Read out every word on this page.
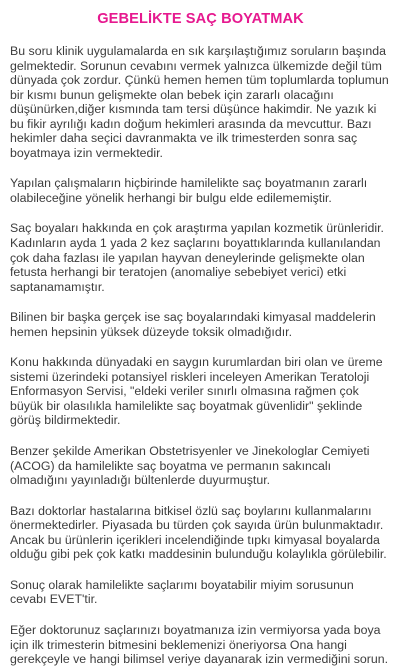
GEBELİKTE SAÇ BOYATMAK

Bu soru klinik uygulamalarda en sık karşılaştığımız soruların başında gelmektedir. Sorunun cevabını vermek yalnızca ülkemizde değil tüm dünyada çok zordur. Çünkü hemen hemen tüm toplumlarda toplumun bir kısmı bunun gelişmekte olan bebek için zararlı olacağını düşünürken,diğer kısmında tam tersi düşünce hakimdir. Ne yazık ki bu fikir ayrılığı kadın doğum hekimleri arasında da mevcuttur. Bazı hekimler daha seçici davranmakta ve ilk trimesterden sonra saç boyatmaya izin vermektedir.

Yapılan çalışmaların hiçbirinde hamilelikte saç boyatmanın zararlı olabileceğine yönelik herhangi bir bulgu elde edilememiştir.

Saç boyaları hakkında en çok araştırma yapılan kozmetik ürünleridir. Kadınların ayda 1 yada 2 kez saçlarını boyattıklarında kullanılandan çok daha fazlası ile yapılan hayvan deneylerinde gelişmekte olan fetusta herhangi bir teratojen (anomaliye sebebiyet verici) etki saptanamamıştır.

Bilinen bir başka gerçek ise saç boyalarındaki kimyasal maddelerin hemen hepsinin yüksek düzeyde toksik olmadığıdır.

Konu hakkında dünyadaki en saygın kurumlardan biri olan ve üreme sistemi üzerindeki potansiyel riskleri inceleyen Amerikan Teratoloji Enformasyon Servisi, "eldeki veriler sınırlı olmasına rağmen çok büyük bir olasılıkla hamilelikte saç boyatmak güvenlidir" şeklinde görüş bildirmektedir.

Benzer şekilde Amerikan Obstetrisyenler ve Jinekologlar Cemiyeti (ACOG) da hamilelikte saç boyatma ve permanın sakıncalı olmadığını yayınladığı bültenlerde duyurmuştur.

Bazı doktorlar hastalarına bitkisel özlü saç boylarını kullanmalarını önermektedirler. Piyasada bu türden çok sayıda ürün bulunmaktadır. Ancak bu ürünlerin içerikleri incelendiğinde tıpkı kimyasal boyalarda olduğu gibi pek çok katkı maddesinin bulunduğu kolaylıkla görülebilir.

Sonuç olarak hamilelikte saçlarımı boyatabilir miyim sorusunun cevabı EVET'tir.

Eğer doktorunuz saçlarınızı boyatmanıza izin vermiyorsa yada boya için ilk trimesterin bitmesini beklemenizi öneriyorsa Ona hangi gerekçeyle ve hangi bilimsel veriye dayanarak izin vermediğini sorun.
